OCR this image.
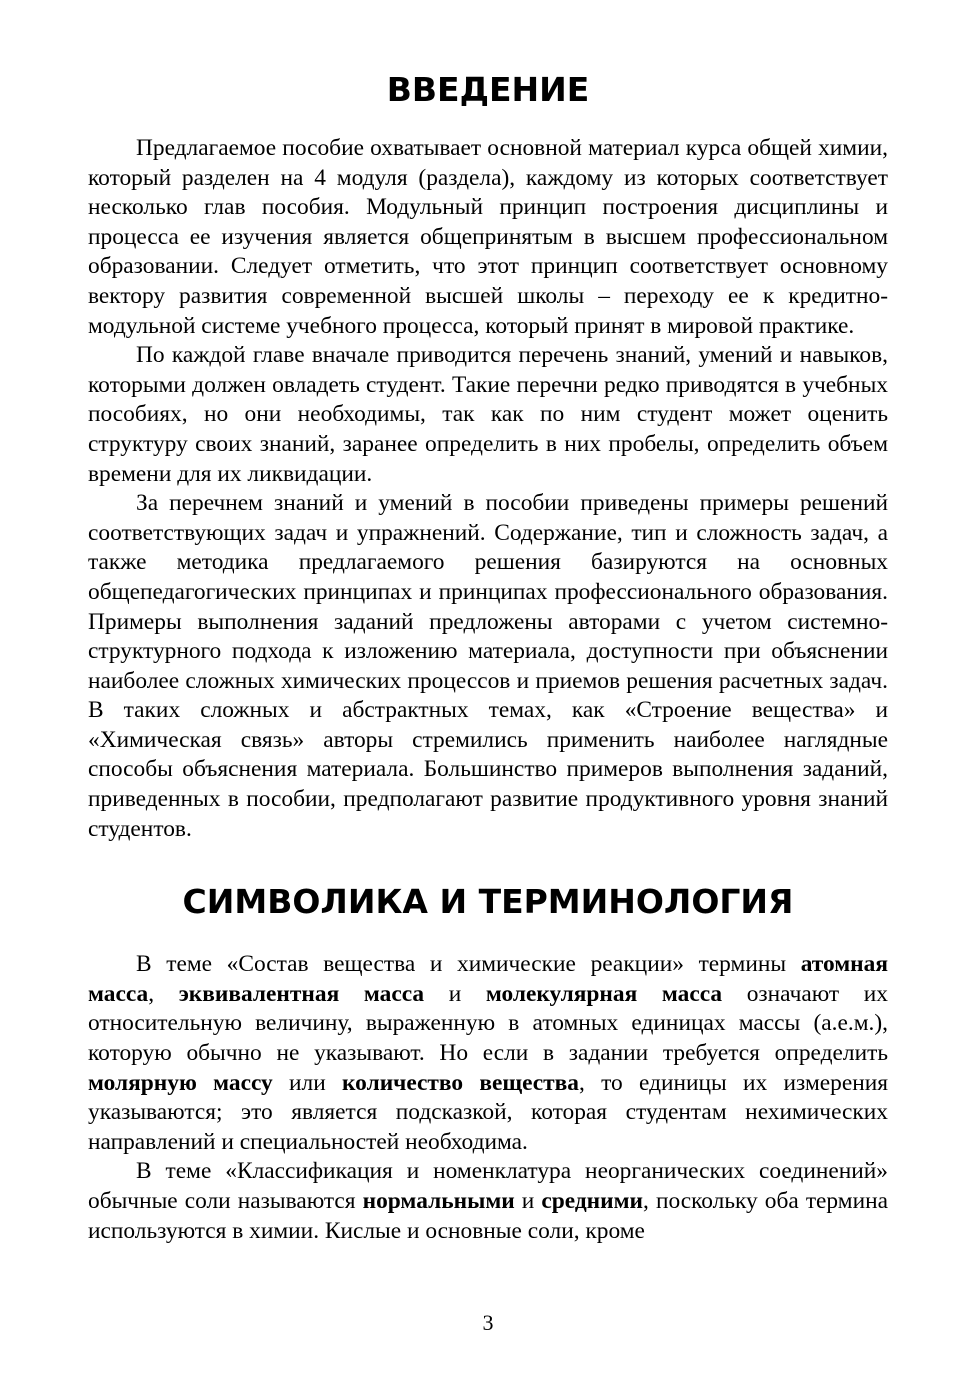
ВВЕДЕНИЕ

Предлагаемое пособие охватывает основной материал курса общей химии, который разделен на 4 модуля (раздела), каждому из которых соответствует несколько глав пособия. Модульный принцип построения дисциплины и процесса ее изучения является общепринятым в высшем профессиональном образовании. Следует отметить, что этот принцип соответствует основному вектору развития современной высшей школы – переходу ее к кредитно-модульной системе учебного процесса, который принят в мировой практике.

По каждой главе вначале приводится перечень знаний, умений и навыков, которыми должен овладеть студент. Такие перечни редко приводятся в учебных пособиях, но они необходимы, так как по ним студент может оценить структуру своих знаний, заранее определить в них пробелы, определить объем времени для их ликвидации.

За перечнем знаний и умений в пособии приведены примеры решений соответствующих задач и упражнений. Содержание, тип и сложность задач, а также методика предлагаемого решения базируются на основных общепедагогических принципах и принципах профессионального образования. Примеры выполнения заданий предложены авторами с учетом системно-структурного подхода к изложению материала, доступности при объяснении наиболее сложных химических процессов и приемов решения расчетных задач. В таких сложных и абстрактных темах, как «Строение вещества» и «Химическая связь» авторы стремились применить наиболее наглядные способы объяснения материала. Большинство примеров выполнения заданий, приведенных в пособии, предполагают развитие продуктивного уровня знаний студентов.

СИМВОЛИКА И ТЕРМИНОЛОГИЯ

В теме «Состав вещества и химические реакции» термины атомная масса, эквивалентная масса и молекулярная масса означают их относительную величину, выраженную в атомных единицах массы (а.е.м.), которую обычно не указывают. Но если в задании требуется определить молярную массу или количество вещества, то единицы их измерения указываются; это является подсказкой, которая студентам нехимических направлений и специальностей необходима.

В теме «Классификация и номенклатура неорганических соединений» обычные соли называются нормальными и средними, поскольку оба термина используются в химии. Кислые и основные соли, кроме

3
